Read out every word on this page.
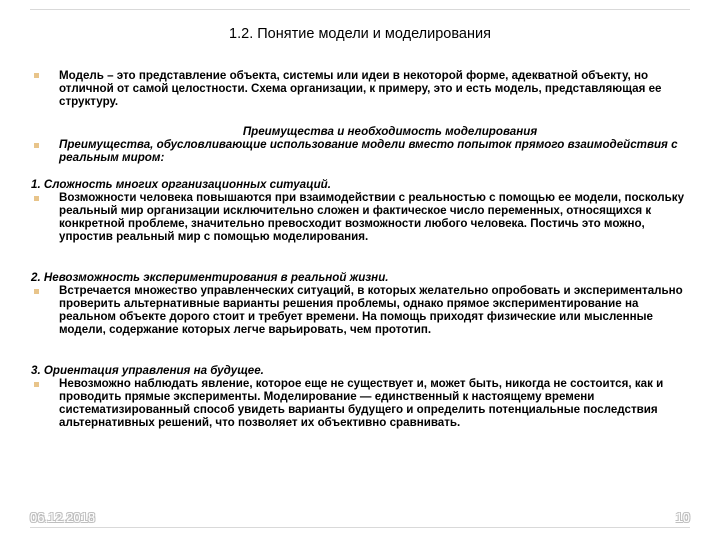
1.2. Понятие модели и моделирования

Модель – это представление объекта, системы или идеи в некоторой форме, адекватной объекту, но отличной от самой целостности. Схема организации, к примеру, это и есть модель, представляющая ее структуру.

Преимущества и необходимость моделирования

Преимущества, обусловливающие использование модели вместо попыток прямого взаимодействия с реальным миром:

1. Сложность многих организационных ситуаций.

Возможности человека повышаются при взаимодействии с реальностью с помощью ее модели, поскольку реальный мир организации исключительно сложен и фактическое число переменных, относящихся к конкретной проблеме, значительно превосходит возможности любого человека. Постичь это можно, упростив реальный мир с помощью моделирования.

2. Невозможность экспериментирования в реальной жизни.

Встречается множество управленческих ситуаций, в которых желательно опробовать и экспериментально проверить альтернативные варианты решения проблемы, однако прямое экспериментирование на реальном объекте дорого стоит и требует времени. На помощь приходят физические или мысленные модели, содержание которых легче варьировать, чем прототип.

3. Ориентация управления на будущее.

Невозможно наблюдать явление, которое еще не существует и, может быть, никогда не состоится, как и проводить прямые эксперименты. Моделирование — единственный к настоящему времени систематизированный способ увидеть варианты будущего и определить потенциальные последствия альтернативных решений, что позволяет их объективно сравнивать.

06.12.2018	10
